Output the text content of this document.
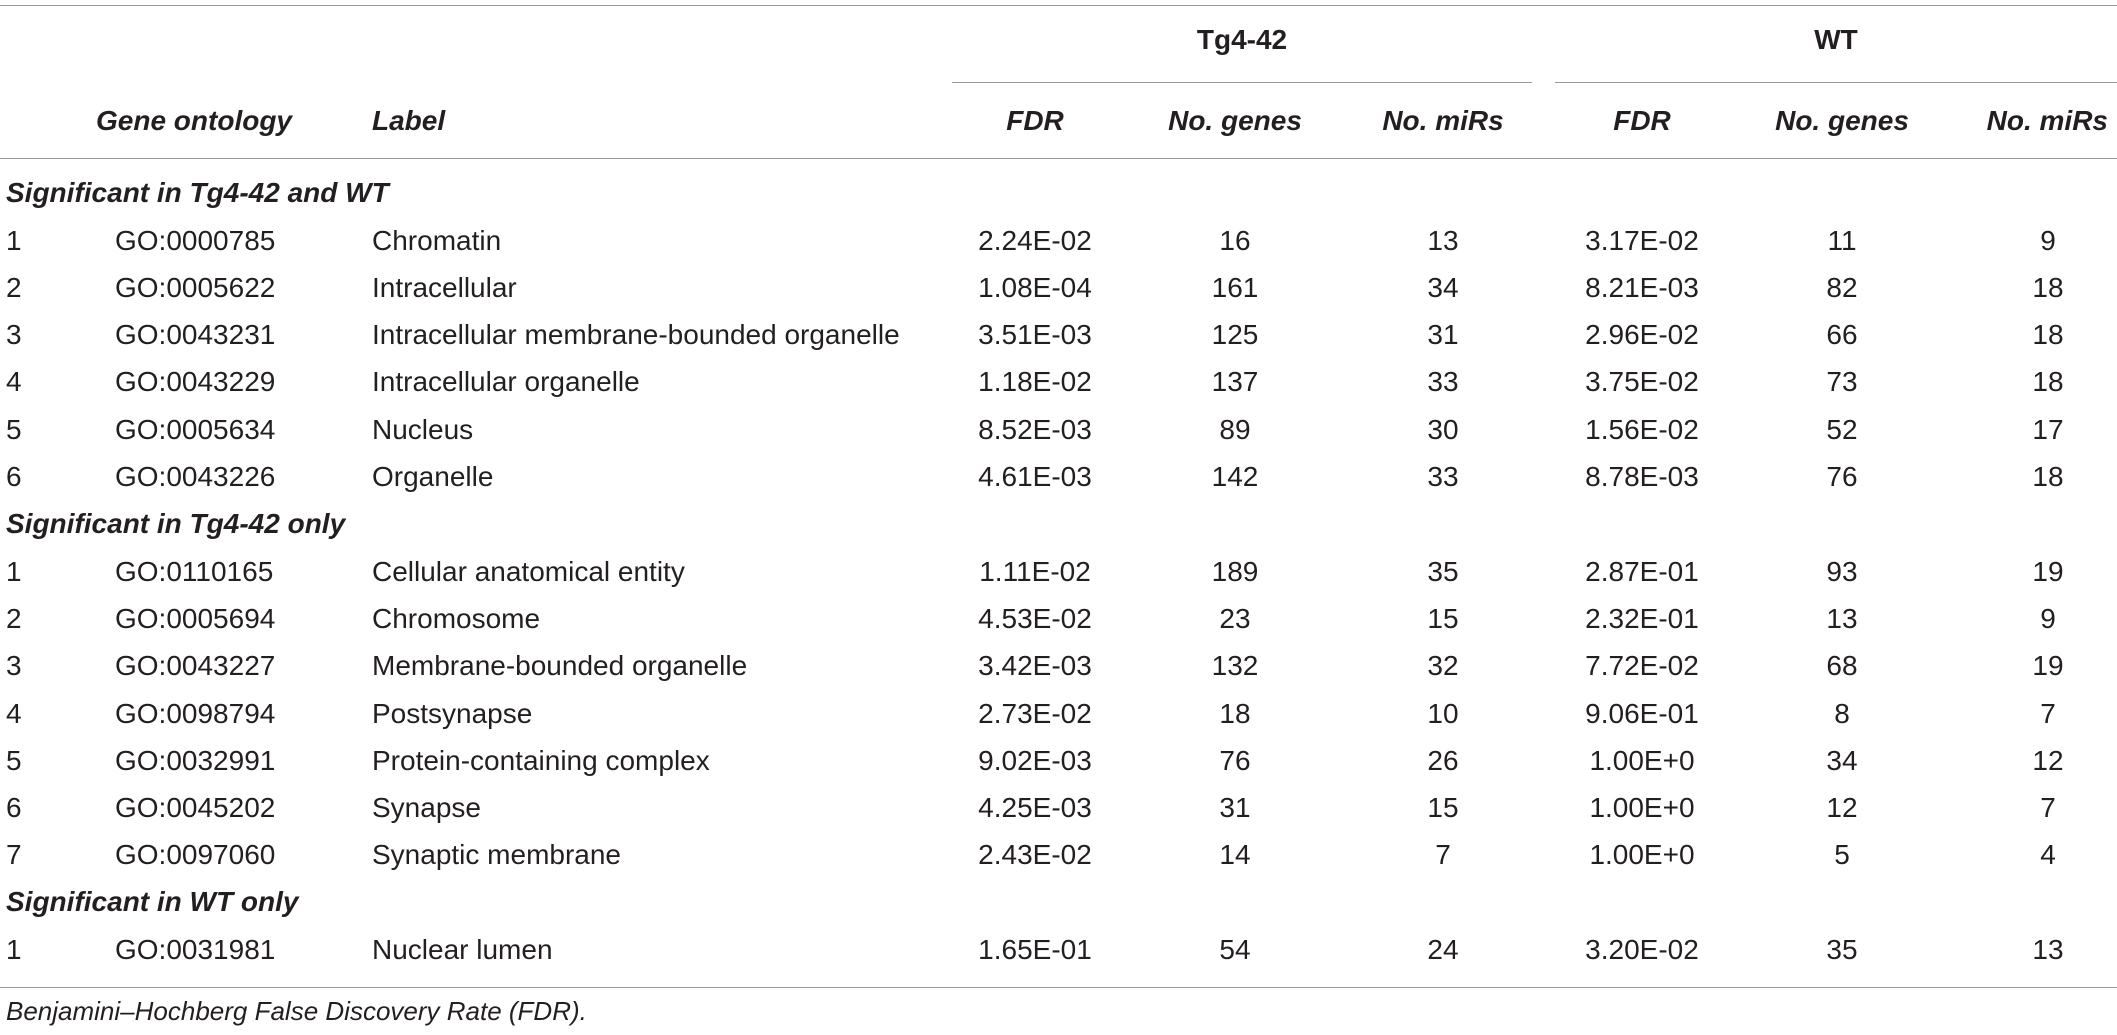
Tg4-42	WT
Gene ontology	Label	FDR	No. genes	No. miRs	FDR	No. genes	No. miRs
Significant in Tg4-42 and WT
1	GO:0000785	Chromatin	2.24E-02	16	13	3.17E-02	11	9
2	GO:0005622	Intracellular	1.08E-04	161	34	8.21E-03	82	18
3	GO:0043231	Intracellular membrane-bounded organelle	3.51E-03	125	31	2.96E-02	66	18
4	GO:0043229	Intracellular organelle	1.18E-02	137	33	3.75E-02	73	18
5	GO:0005634	Nucleus	8.52E-03	89	30	1.56E-02	52	17
6	GO:0043226	Organelle	4.61E-03	142	33	8.78E-03	76	18
Significant in Tg4-42 only
1	GO:0110165	Cellular anatomical entity	1.11E-02	189	35	2.87E-01	93	19
2	GO:0005694	Chromosome	4.53E-02	23	15	2.32E-01	13	9
3	GO:0043227	Membrane-bounded organelle	3.42E-03	132	32	7.72E-02	68	19
4	GO:0098794	Postsynapse	2.73E-02	18	10	9.06E-01	8	7
5	GO:0032991	Protein-containing complex	9.02E-03	76	26	1.00E+0	34	12
6	GO:0045202	Synapse	4.25E-03	31	15	1.00E+0	12	7
7	GO:0097060	Synaptic membrane	2.43E-02	14	7	1.00E+0	5	4
Significant in WT only
1	GO:0031981	Nuclear lumen	1.65E-01	54	24	3.20E-02	35	13
Benjamini–Hochberg False Discovery Rate (FDR).
